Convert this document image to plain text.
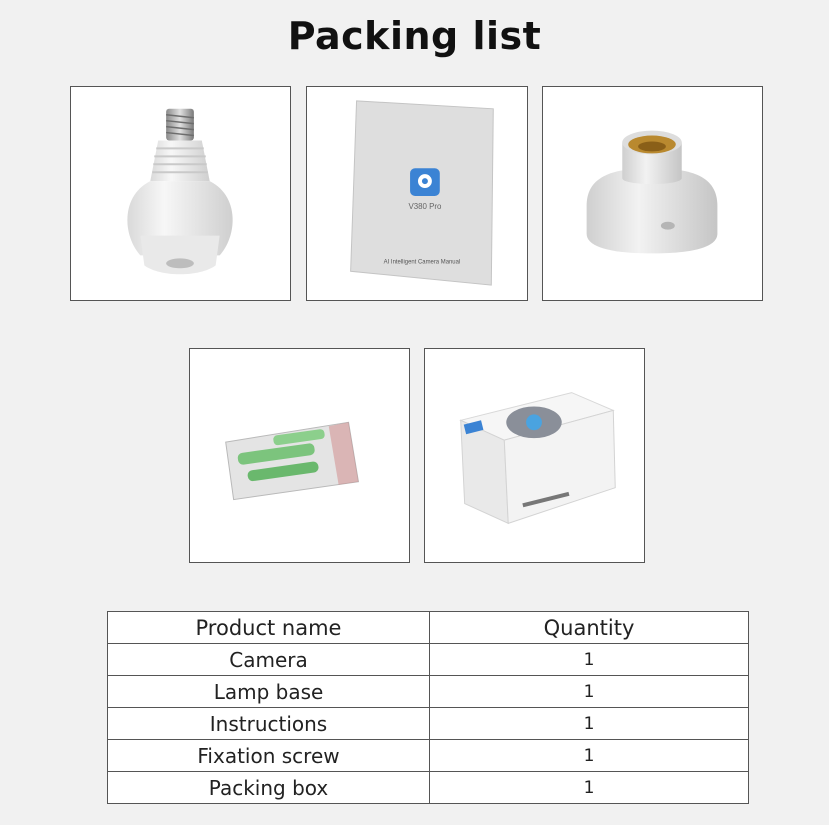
Packing list
V380 Pro
AI Intelligent Camera Manual
Product name	Quantity
Camera	1
Lamp base	1
Instructions	1
Fixation screw	1
Packing box	1
